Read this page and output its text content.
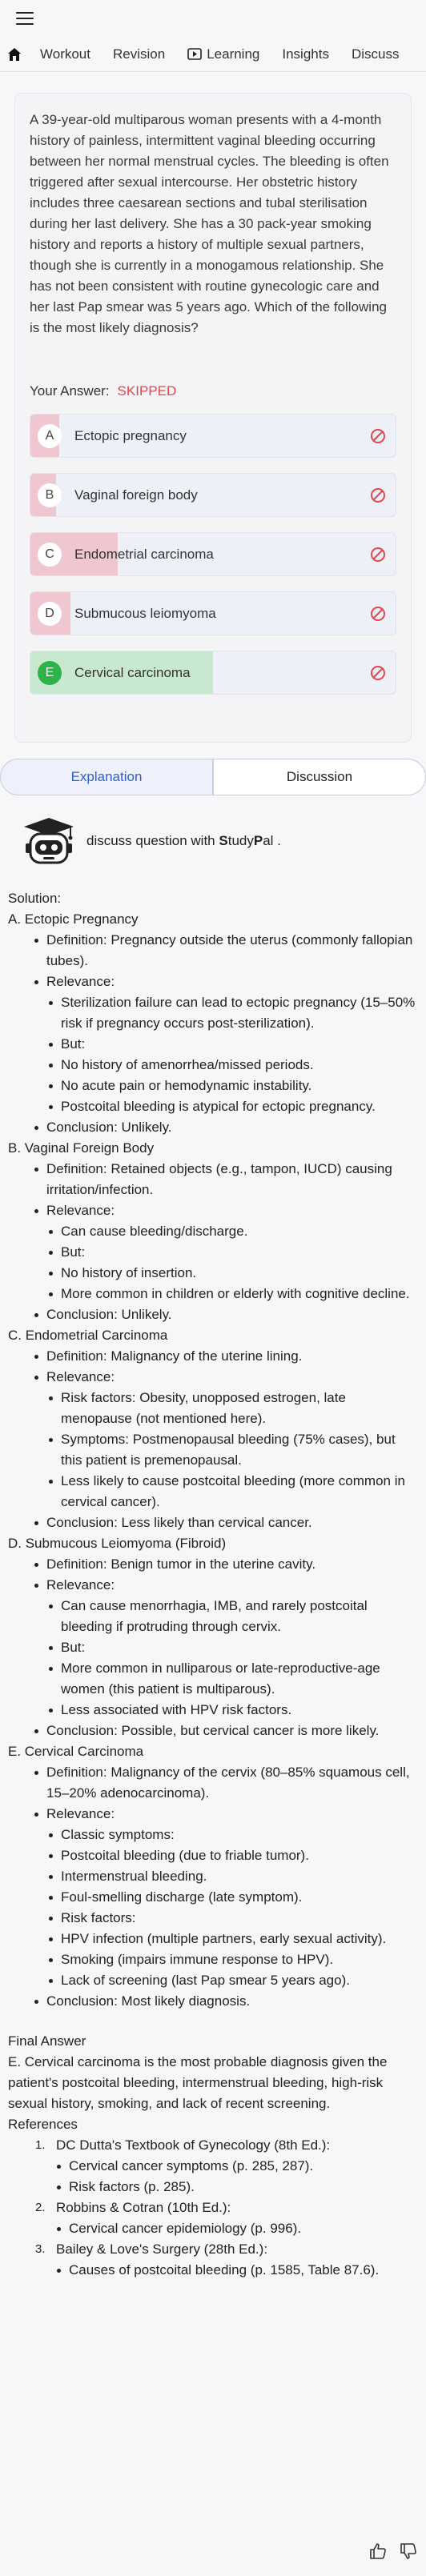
Workout Revision	Learning Insights Discuss

A 39-year-old multiparous woman presents with a 4-month history of painless, intermittent vaginal bleeding occurring between her normal menstrual cycles. The bleeding is often triggered after sexual intercourse. Her obstetric history includes three caesarean sections and tubal sterilisation during her last delivery. She has a 30 pack-year smoking history and reports a history of multiple sexual partners, though she is currently in a monogamous relationship. She has not been consistent with routine gynecologic care and her last Pap smear was 5 years ago. Which of the following is the most likely diagnosis?

Your Answer: SKIPPED
A	Ectopic pregnancy
B	Vaginal foreign body
C	Endometrial carcinoma
D	Submucous leiomyoma
E	Cervical carcinoma
Explanation	Discussion
discuss question with StudyPal .
Solution:
A. Ectopic Pregnancy
Definition: Pregnancy outside the uterus (commonly fallopian tubes).
Relevance:
Sterilization failure can lead to ectopic pregnancy (15–50% risk if pregnancy occurs post-sterilization).
But:
No history of amenorrhea/missed periods.
No acute pain or hemodynamic instability.
Postcoital bleeding is atypical for ectopic pregnancy.
Conclusion: Unlikely.
B. Vaginal Foreign Body
Definition: Retained objects (e.g., tampon, IUCD) causing irritation/infection.
Relevance:
Can cause bleeding/discharge.
But:
No history of insertion.
More common in children or elderly with cognitive decline.
Conclusion: Unlikely.
C. Endometrial Carcinoma
Definition: Malignancy of the uterine lining.
Relevance:
Risk factors: Obesity, unopposed estrogen, late menopause (not mentioned here).
Symptoms: Postmenopausal bleeding (75% cases), but this patient is premenopausal.
Less likely to cause postcoital bleeding (more common in cervical cancer).
Conclusion: Less likely than cervical cancer.
D. Submucous Leiomyoma (Fibroid)
Definition: Benign tumor in the uterine cavity.
Relevance:
Can cause menorrhagia, IMB, and rarely postcoital bleeding if protruding through cervix.
But:
More common in nulliparous or late-reproductive-age women (this patient is multiparous).
Less associated with HPV risk factors.
Conclusion: Possible, but cervical cancer is more likely.
E. Cervical Carcinoma
Definition: Malignancy of the cervix (80–85% squamous cell, 15–20% adenocarcinoma).
Relevance:
Classic symptoms:
Postcoital bleeding (due to friable tumor).
Intermenstrual bleeding.
Foul-smelling discharge (late symptom).
Risk factors:
HPV infection (multiple partners, early sexual activity).
Smoking (impairs immune response to HPV).
Lack of screening (last Pap smear 5 years ago).
Conclusion: Most likely diagnosis.
Final Answer
E. Cervical carcinoma is the most probable diagnosis given the patient's postcoital bleeding, intermenstrual bleeding, high-risk sexual history, smoking, and lack of recent screening.
References
1. DC Dutta's Textbook of Gynecology (8th Ed.):
Cervical cancer symptoms (p. 285, 287).
Risk factors (p. 285).
2. Robbins & Cotran (10th Ed.):
Cervical cancer epidemiology (p. 996).
3. Bailey & Love's Surgery (28th Ed.):
Causes of postcoital bleeding (p. 1585, Table 87.6).
